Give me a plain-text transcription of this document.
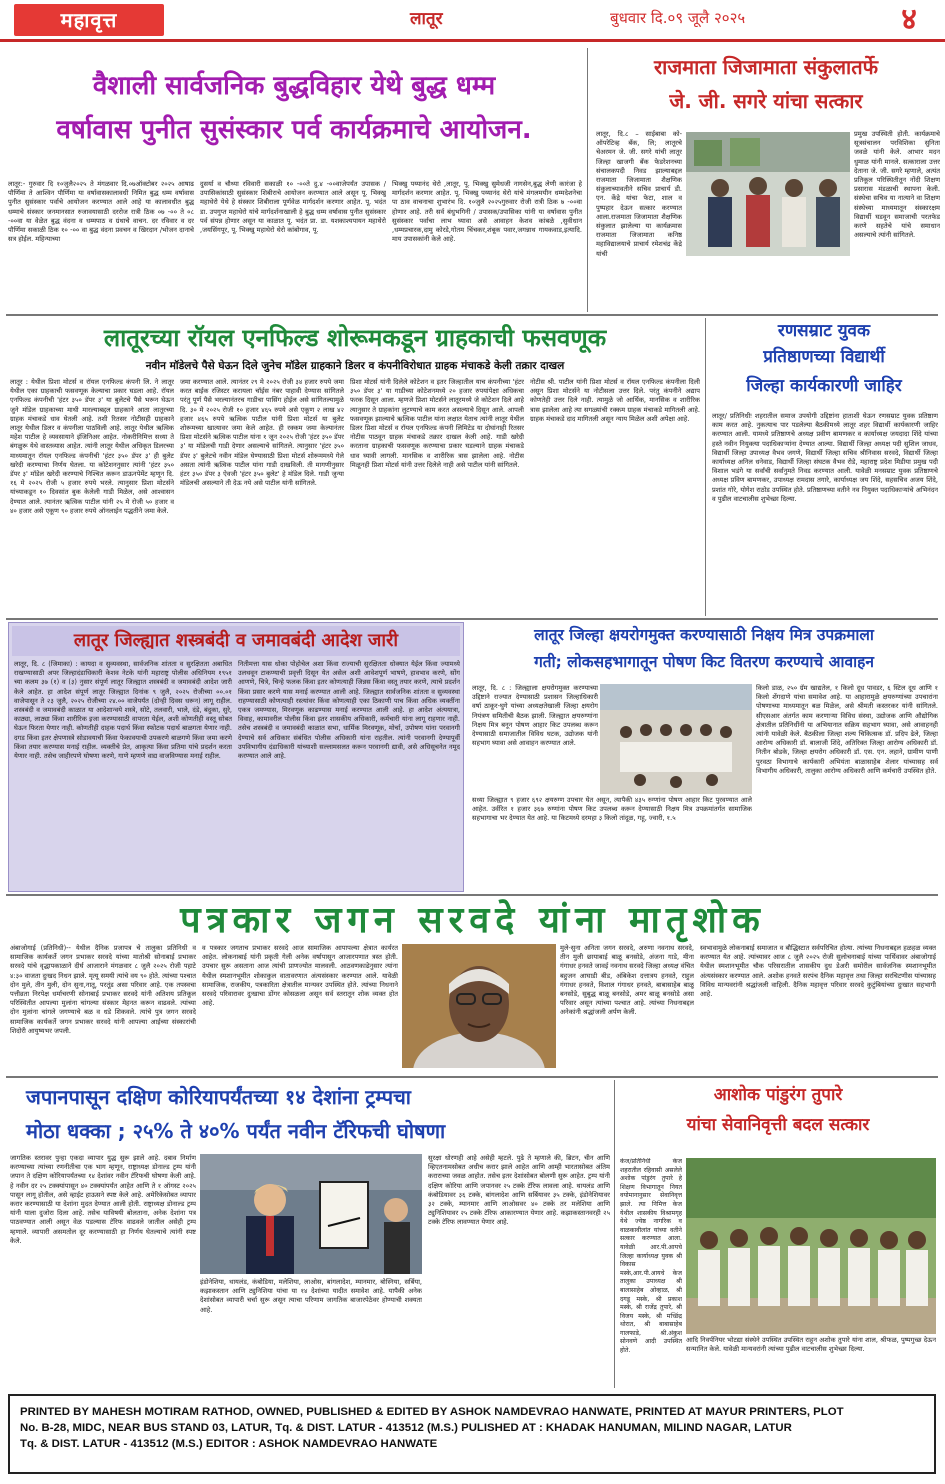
महावृत्त	लातूर	बुधवार दि.०९ जूलै २०२५	४
वैशाली सार्वजनिक बुद्धविहार येथे बुद्ध धम्म
वर्षावास पुनीत सुसंस्कार पर्व कार्यक्रमाचे आयोजन.
लातूर:- गुरुवार दि १०जुलै२०२५ ते मंगळवार दि.०७ऑक्टोबर २०२५ आषाढ पौर्णिमा ते आश्विन पौर्णिमा या वर्षावासकालावधी निमित बुद्ध धम्म वर्षावास पुनीत सुसंस्कार पर्वाचे आयोजन करण्यात आले आहे या कालावधीत बुद्ध धम्माचे संस्कार जनमानसात रुजावयासाठी दररोज रात्री ठिक ०७ -०० ते ०८ -००वा या वेळेत बुद्ध वंदना व धम्मपाठ व ग्रंथाचे वाचन. दर रविवार व दर पौर्णिमा सकाळी ठिक १० -०० वा बुद्ध वंदना प्रवचन व खिरदान /भोजन दानाचे सत्र होईल. महिन्याच्या
दुसर्या व चौथ्या रविवारी सकाळी १० -००ते दु.४ -००वाजेपर्यंत उपासक /उपासिकांसाठी सुसंस्कार शिबीराचे आयोजन करण्यात आले असून पू. भिक्खु महाथेरो येथे हे संस्कार शिबीराला पूर्णवेळ मार्गदर्शन करणार आहेत. पू. भदंत डा. उपगुप्त महाथेरो यांचे मार्गदर्शनाखाली हे बुद्ध धम्म वर्षावास पुनीत सुसंस्कार पर्व संपन्न होणार असून या काळात पू. भदंत प्रा. डा. यशकाश्यपायन महाथेरो ,जयसिंगपूर, पू. भिक्खु महाथेरो थेरो कांबोगाव, पू.
भिक्खु पय्यानंद थेरो ,लातूर, पू. भिक्खु सुमेधजी नागसेन,बुद्ध लेणी कारंजा हे मार्गदर्शन करणार आहेत. पू. भिक्खु पय्यानंद थेरो यांचे मंगलमयीन धम्मदेशनेचा पा ठाव वाचनाचा शुभारंभ दि. १०जुलै २०२५गुरुवार रोजी रात्री ठिक ७ -००वा होणार आहे. तरी सर्व बंधुभगिनी / उपासक/उपासिका यांनी या वर्षावास पुनीत सुसंस्कार पर्वाचा लाभ घ्यावा असे आवाहन केशव कांबळे ,सुवीधान ,धम्मप्रचारक,दामु कोरडे,गोतम चिंचकर,शंबूक पवार,जगन्नाथ गायकवाड,इत्यादि. माय उपासकांनी केले आहे.
राजमाता जिजामाता संकुलातर्फे
जे. जी. सगरे यांचा सत्कार
लातूर, दि.८ – साईबाबा को-ऑपरेटिव्ह बँक, लि; लातूरचे चेअरमन जे. जी. सगरे यांची लातूर जिल्हा खाजगी बँक फेडरेशनच्या संचालकपदी निवड झाल्याबद्दल राजमाता जिजामाता शैक्षणिक संकुलाच्यावतीने सचिव प्राचार्य डी. एन. केंद्रे यांचा फेटा, शाल व पुष्पहार देऊन सत्कार करण्यात आला.राजमाता जिजामाता शैक्षणिक संकुलात झालेल्या या कार्यक्रमास राजमाता जिजामाता कनिष्ठ महाविद्यालयाचे प्राचार्य रमेशचंद्र केंद्रे यांची
प्रमुख उपस्थिती होती. कार्यक्रमाचे सूत्रसंचालन परविशिका सुनिता जवळे यांनी केले. आभार मदन धुमाळ यांनी मानले. सत्काराला उत्तर देताना जे. जी. सगरे म्हणाले, अत्यंत प्रतिकूल परिस्थितीतून नोंदी शिक्षण प्रसारास मंडळाची स्थापना केली. संस्थेचा सचिव या नात्याने वा शिक्षण संस्थेच्या माध्यमातून संस्कारक्षम विद्यार्थी घडवून समाजाची परतफेड करणे सहतेचे यांचे समाधान असल्याचे त्यांनी सांगितले.
लातूरच्या रॉयल एनफिल्ड शोरूमकडून ग्राहकाची फसवणूक
नवीन मॉडेलचे पैसे घेऊन दिले जुनेच मॉडेल ग्राहकाने डिलर व कंपनीविरोधात ग्राहक मंचाकडे केली तक्रार दाखल
लातूर : येथील प्रिशा मोटर्स व रॉयल एनफिल्ड कंपनी लि. ने लातूर येथील एका ग्राहकाची फसवणूक केल्याचा प्रकार घडला आहे. रॉयल एनफिल्ड कंपनीची 'हंटर ३५० डॅपर ३' या बुलेटचे पैसे भरून घेऊन जुने मॉडेल ग्राहकाच्या माथी मारल्याबद्दल ग्राहकाने आता लातूरच्या ग्राहक मंचाकडे धाव घेतली आहे. तशी रितसर नोटीसही ग्राहकाने लातूर येथील डिलर व कंपनीला पाठविली आहे. लातूर येथील ऋत्विक महेश पाटील हे व्यवसायाने इंजिनिअर आहेत. नोकरीनिमित्त सध्या ते बंगळुरू येथे वास्तव्यास आहेत. त्यांनी लातूर येथील अधिकृत डिलरच्या माध्यमातून रॉयल एनफिल्ड कंपनीची 'हंटर ३५० डॅपर ३' ही बुलेट खरेदी करण्याचा निर्णय घेतला. या कोटेशननुसार त्यांनी 'हंटर ३५० डॅपर ३' मॉडेल खरेदी करण्याचे निश्चित करून डाऊनपेमेंट म्हणून दि. १६ मे २०२५ रोजी ५ हजार रुपये भरले. त्यानुसार प्रिशा मोटर्सने यांच्याकडून १० दिवसांत बुक केलेली गाडी मिळेल, असे आश्वासन देण्यात आले. त्यानंतर ऋत्विक पाटील यांनी २५ मे रोजी ५० हजार व ४० हजार असे एकूण ९० हजार रुपये ऑनलाईन पद्धतीने जमा केले.
जमा करण्यात आले. त्यानंतर २९ मे २०२५ रोजी ३४ हजार रुपये जमा करत बाईक रजिस्टर करायला चॉईस नंबर पाहावी देण्यास सांगितले परंतु पूर्ण पैसे भरल्यानंतरच गाडीचा पासिंग होईल असे सांगितल्यामुळे दि. ३० मे २०२५ रोजी १० हजार ४६५ रुपये असे एकूण २ लाख ४२ हजार ४६५ रुपये ऋत्विक पाटील यांनी प्रिशा मोटर्स या बुलेट शोरूमच्या खात्यावर जमा केले आहेत. ही रक्कम जमा केल्यानंतर प्रिशा मोटर्सने ऋत्विक पाटील यांना १ जून २०२५ रोजी 'हंटर ३५० डॅपर ३' या मॉडेलची गाडी देणार असल्याचे सांगितले. त्यानुसार 'हंटर ३५० डॅपर ३' बुलेटचे नवीन मॉडेल घेण्यासाठी प्रिशा मोटर्स शोरूममध्ये गेले असता त्यांनी ऋत्विक पाटील यांना गाडी दाखविली. ती मागणीनुसार हंटर ३५० डॅपर ३ ऐवजी 'हंटर ३५० बुलेट' हे मॉडेल दिले. गाडी जुन्या मॉडेलची असल्याने ती देऊ नये असे पाटील यांनी सांगितले.
प्रिशा मोटर्स यांनी दिलेले कोटेशन व इतर जिल्हातील याच कंपनीच्या 'हंटर ३५० डॅपर ३' या गाडीच्या कोटेशनमध्ये २० हजार रुपयांपेक्षा अधिकचा फरक दिसून आला. म्हणजे प्रिशा मोटर्सने लातूरमध्ये जे कोटेशन दिले आहे त्यानुसार ते ग्राहकांना लुटण्याचे काम करत असल्याचे दिसून आले. आपली फसवणूक झाल्याचे ऋत्विक पाटील यांना लक्षात येताच त्यांनी लातूर येथील डिलर प्रिशा मोटर्स व रॉयल एनफिल्ड कंपनी लिमिटेड या दोघांनाही रितसर नोटीस पाठवून ग्राहक मंचाकडे तक्रार दाखल केली आहे. गाडी खरेदी करताना ग्राहकाची फसवणूक करण्याचा प्रकार घडल्याने ग्राहक मंचाकडे धाव घ्यावी लागली. मानसिक व शारीरिक त्रास झालेला आहे. नोटीस मिळूनही प्रिशा मोटर्स यांनी उत्तर दिलेले नाही असे पाटील यांनी सांगितले.
नोटीस श्री. पाटील यांनी प्रिशा मोटर्स व रॉयल एनफिल्ड कंपनीला दिली असून प्रिशा मोटर्सने या नोटीसला उत्तर दिले. परंतु कंपनीने अद्याप कोणतेही उत्तर दिले नाही. त्यामुळे जो आर्थिक, मानसिक व शारीरिक त्रास झालेला आहे त्या सगळ्यांची रक्कम ग्राहक मंचाकडे मागितली आहे. ग्राहक मंचाकडे दाद मागितली असून न्याय मिळेल अशी अपेक्षा आहे.
रणसम्राट युवक
प्रतिष्ठाणच्या विद्यार्थी
जिल्हा कार्यकारणी जाहिर
लातूर/ प्रतिनिधीः शहरातील समाज उपयोगी उद्दिष्टांना हाताशी घेऊन रणसम्राट युवक प्रतिष्ठाण काम करत आहे. नुकत्याच पार पडलेल्या बैठकीमध्ये लातूर शहर विद्यार्थी कार्यकारणी जाहिर करण्यात आली. यामध्ये प्रतिष्ठाणचे अध्यक्ष प्रवीण बामणकर व कार्याध्यक्ष जयदादा शिंदे यांच्या हस्ते नवीन नियुक्त्या पदाधिकाऱ्यांना देण्यात आल्या. विद्यार्थी जिल्हा अध्यक्ष पदी सुशिल जाधव, विद्यार्थी जिल्हा उपाध्यक्ष वैभव जगणे, विद्यार्थी जिल्हा सचिव श्रीनिवास सरवदे, विद्यार्थी जिल्हा कार्याध्यक्ष अनिल धनेवाड, विद्यार्थी जिल्हा संघटक वैभव रोडे, महाराष्ट्र प्रदेश मिडीया प्रमुख पदी विशाल भडंगे या सर्वांची सर्वानुमते निवड करण्यात आली. यावेळी मनसम्राट युवक प्रतिष्ठाणचे अध्यक्ष प्रविण बामणकर, उपाध्यक्ष रामदास तगारे, कार्याध्यक्ष जय शिंदे, सहसचिव अजय शिंदे, प्रशांत गोरे, योगेश राठोड उपस्थित होते. प्रतिष्ठाणच्या वतीने नव नियुक्त पदाधिकाऱ्यांचे अभिनंदन व पुढील वाटचालीस शुभेच्छा दिल्या.
लातूर जिल्ह्यात शस्त्रबंदी व जमावबंदी आदेश जारी
लातूर, दि. ८ (जिमाका) : कायदा व सुव्यवस्था, सार्वजनिक शांतता व सुरक्षितता अबाधित राखण्यासाठी अपर जिल्हादंडाधिकारी केशव नेटके यांनी महाराष्ट्र पोलीस अधिनियम १९५१ च्या कलम ३७ (१) व (३) नुसार संपूर्ण लातूर जिल्ह्यात शस्त्रबंदी व जमावबंदी आदेश जारी केले आहेत. हा आदेश संपूर्ण लातूर जिल्ह्यात दिनांक ९ जुलै, २०२५ रोजीच्या ००.०१ वाजेपासून ते २३ जुलै, २०२५ रोजीच्या २४.०० वाजेपर्यंत (दोन्ही दिवस धरून) लागू राहील. शस्त्रबंदी व जमावबंदी काळात या आदेशान्वये शस्त्रे, सोटे, तलवारी, भाले, दंडे, बंदुका, सुरे, काठ्या, लाठ्या किंवा शारीरिक इजा करण्यासाठी वापरता येईल, अशी कोणतीही वस्तू सोबत घेऊन फिरता येणार नाही. कोणतीही दाहक पदार्थ किंवा स्फोटक पदार्थ बाळगता येणार नाही. दगड किंवा इतर क्षेपणास्त्रे सोडावयाची किंवा फेकावयाची उपकरणे बाळगणे किंवा जमा करणे किंवा तयार करण्यास मनाई राहील. व्यक्तीचे प्रेत, आकृत्या किंवा प्रतिमा यांचे प्रदर्शन करता येणार नाही. तसेच जाहीरपणे घोषणा करणे, गाणे म्हणणे वाद्य वाजविण्यास मनाई राहील.
नितीमत्ता यास धोका पोहोचेल अशा किंवा राज्याची सुरक्षितता धोक्यात येईल किंवा ज्यामध्ये उलथवून टाकण्याची प्रवृत्ती दिसून येत असेल अशी आवेशपूर्ण भाषणे, हावभाव करणे, सोंग आणणे, चित्रे, चिन्हे फलक किंवा इतर कोणत्याही जिन्नस किंवा वस्तू तयार करणे, त्याचे प्रदर्शन किंवा प्रसार करणे यास मनाई करण्यात आली आहे. जिल्ह्यात सार्वजनिक शांतता व सुव्यवस्था राहण्यासाठी कोणत्याही रस्त्यांवर किंवा कोणत्याही एका ठिकाणी पाच किंवा अधिक व्यक्तींना एकत्र जमण्यास, मिरवणूक काढण्यास मनाई करण्यात आली आहे. हा आदेश अंत्ययात्रा, विवाह, कामावरील पोलीस किंवा इतर शासकीय अधिकारी, कर्मचारी यांना लागू राहणार नाही. तसेच शस्त्रबंदी व जमावबंदी काळात सभा, धार्मिक मिरवणूक, मोर्चा, उपोषण यांना परवानगी देण्याचे सर्व अधिकार संबंधित पोलीस अधिकारी यांना राहतील. त्यांनी परवानगी देण्यापूर्वी उपविभागीय दंडाधिकारी यांच्याशी सल्लामसलत करून परवानगी द्यावी, असे अधिसूचनेत नमूद करण्यात आले आहे.
लातूर जिल्हा क्षयरोगमुक्त करण्यासाठी निक्षय मित्र उपक्रमाला
गती; लोकसहभागातून पोषण किट वितरण करण्याचे आवाहन
लातूर, दि. ८ : जिल्ह्याला क्षयरोगमुक्त करण्याच्या उद्दिष्टाने राज्यात देण्यासाठी प्रशासन जिल्हाधिकारी वर्षा ठाकूर-घुगे यांच्या अध्यक्षतेखाली जिल्हा क्षयरोग नियंत्रण समितीची बैठक झाली. जिल्ह्यात क्षयरुग्णांना निक्षय मित्र बनून पोषण आहार किट उपलब्ध करून देण्यासाठी समाजातील विविध घटक, उद्योजक यांनी सहभाग घ्यावा असे आवाहन करण्यात आले.
सध्या जिल्ह्यात ९ हजार ६९२ क्षयरुग्ण उपचार घेत असून, त्यापैकी ४३५ रुग्णांना पोषण आहार किट पुरवण्यात आले आहेत. उर्वरित १ हजार ३६७ रुग्णांना पोषण किट उपलब्ध करून देण्यासाठी निक्षय मित्र उपक्रमांतर्गत सामाजिक सहभागाचा भर देण्यात येत आहे. या किटमध्ये दरमहा ३ किलो तांदूळ, गहू, ज्वारी, १.५
किलो डाळ, २५० ग्रॅम खाद्यतेल, १ किलो दूध पावडर, ६ स्टिल दूध आणि १ किलो शेंगदाणे यांचा समावेश आहे. या आहारामुळे क्षयरुग्णांच्या उपचारांना पोषणाच्या माध्यमातून बळ मिळेल, असे श्रीमती कस्तरकर यांनी सांगितले. सीएसआर अंतर्गत काम करणाऱ्या विविध संस्था, उद्योजक आणि औद्योगिक क्षेत्रातील प्रतिनिधींनी या अभियानात सक्रिय सहभाग घ्यावा, असे आवाहनही त्यांनी यावेळी केले. बैठकीला जिल्हा शल्य चिकित्सक डॉ. प्रदिप ढेले, जिल्हा आरोग्य अधिकारी डॉ. बालाजी शिंदे, अतिरिक्त जिल्हा आरोग्य अधिकारी डॉ. नितीन बोडके, जिल्हा क्षयरोग अधिकारी डॉ. एस. एन. लहाने, ग्रामीण पाणी पुरवठा विभागाचे कार्यकारी अभियंता बाळासाहेब शेलार यांच्यासह सर्व विभागीय अधिकारी, तालुका आरोग्य अधिकारी आणि कर्मचारी उपस्थित होते.
पत्रकार जगन सरवदे यांना मातृशोक
अंबाजोगाई (प्रतिनिधी)-- येथील दैनिक प्रजापत्र चे तालुका प्रतिनिधी व सामाजिक कार्यकर्ते जगन प्रभाकर सरवदे यांच्या मातोश्री सोनाबाई प्रभाकर सरवदे यांचे वृद्धापकाळाने दीर्घ आजाराने मंगळवार ८ जुलै २०२५ रोजी पहाटे ४:३० वाजता दुःखद निधन झाले. मृत्यू समयी त्यांचे वय ९० होते. त्यांच्या पश्चात दोन मुले, तीन मुली, दोन सुना,नातू, परतूंड असा परिवार आहे. एक तपस्वचा पत्तीव्रता निरपेक्ष धर्माचरणी सोनाबाई प्रभाकर सरवदे यांनी अतिशय प्रतिकूल परिस्थितीत आपल्या मुलांना चांगल्या संस्कार मेहनत करून वाढवले. त्यांच्या दोन मुलांना चांगले जगण्याचे बळ व धडे शिकवले. त्यांचे पुत्र जगन सरवदे सामाजिक कार्यकर्ते जगन प्रभाकर सरवदे यांनी आपल्या आईच्या संस्कारांची शिदोरी आयुष्यभर जपली.
व पत्रकार जगताच प्रभाकर सरवदे आज सामाजिक आपापल्या क्षेत्रात कार्यरत आहेत. लोकनाबाई यांनी प्रकृती गेली अनेक वर्षापासून आजारपणात त्रस्त होती. उपचार सुरू असताना आज त्यांची प्राणज्योत मालवली. आठवणकाढेनुसार त्यांना येथील स्मशानभूमीत शोकाकुल वातावरणात अंत्यसंस्कार करण्यात आले. यावेळी सामाजिक, राजकीय, पत्रकारिता क्षेत्रातील मान्यवर उपस्थित होते. त्यांच्या निधनाने सरवदे परिवारावर दुःखाचा डोंगर कोसळला असून सर्व स्तरातून शोक व्यक्त होत आहे.
मुले-सुना अनिता जगन सरवदे, अरुणा नवनाथ सरवदे, तीन मुली छायाबाई बाळू बनसोडे, अंजना गाडे, मीना गंगाधर हनवते जावई नवनाथ सरवदे जिल्हा अध्यक्ष वंचित बहुजन आघाडी बीड, अंबिकेश दत्तात्रय हनवते, राहुल गंगाधर हनवते, विशाल गंगाधर हनवते, बाबासाहेब बाळू बनसोडे, सुबुद्ध बाळू बनसोडे, अमर बाळू बनसोडे असा परिवार असून त्यांच्या पश्चात आहे. त्यांच्या निधनाबद्दल अनेकांनी श्रद्धांजली अर्पण केली.
स्वभावामुळे लोकनाबाई समाजात व बौद्धिस्टात सर्वपरिचित होत्या. त्यांच्या निधनाबद्दल हळहळ व्यक्त करण्यात येत आहे. त्यांच्यावर आज ८ जुलै २०२५ रोजी सुलोचनाबाई यांच्या पार्थिवावर अंबाजोगाई येथील स्मशानभूमीत चौक परिसरातील शासकीय दुध डेअरी समोरील सार्वजनिक स्मशानभूमीत अंत्यसंस्कार करण्यात आले. अशोक हनवते सरपंच दैनिक महावृत्त तथा जिल्हा सरचिटणीस यांच्यासह विविध मान्यवरांनी श्रद्धांजली वाहिली. दैनिक महावृत्त परिवार सरवदे कुटुंबियांच्या दुःखात सहभागी आहे.
जपानपासून दक्षिण कोरियापर्यंतच्या १४ देशांना ट्रम्पचा
मोठा धक्का ; २५% ते ४०% पर्यंत नवीन टॅरिफची घोषणा
जागतिक स्तरावर पुन्हा एकदा व्यापार युद्ध सुरू झाले आहे. दबाव निर्माण करण्याच्या त्यांच्या रणनीतीचा एक भाग म्हणून, राष्ट्राध्यक्ष डोनाल्ड ट्रम्प यांनी जपान ते दक्षिण कोरियापर्यंतच्या १४ देशांवर नवीन टॅरिफची घोषणा केली आहे. हे नवीन दर २५ टक्क्यांपासून ४० टक्क्यांपर्यंत आहेत आणि ते १ ऑगस्ट २०२५ पासून लागू होतील, असे व्हाईट हाऊसने स्पष्ट केले आहे. अमेरिकेसोबत व्यापार करार करण्यासाठी या देशांना मुदत देण्यात आली होती. राष्ट्राध्यक्ष डोनाल्ड ट्रम्प यांनी याला दुजोरा दिला आहे. तसेच याविषयी बोलताना, अनेक देशांना पत्र पाठवण्यात आली असून वेळ पडल्यास टॅरिफ वाढवले जातील असेही ट्रम्प म्हणाले. व्यापारी असमतोल दूर करण्यासाठी हा निर्णय घेतल्याचे त्यांनी स्पष्ट केले.
इंडोनेशिया, थायलंड, कंबोडिया, मलेशिया, लाओस, बांगलादेश, म्यानमार, बोस्निया, सर्बिया, कझाकस्तान आणि ट्युनिशिया यांचा या १४ देशांच्या यादीत समावेश आहे. यापैकी अनेक देशांसोबत व्यापारी चर्चा सुरू असून त्याचा परिणाम जागतिक बाजारपेठेवर होण्याची शक्यता आहे.
सुरक्षा धोरणही आहे असेही म्हटले. पुढे ते म्हणाले की, ब्रिटन, चीन आणि व्हिएतनामसोबत अधीच करार झाले आहेत आणि आम्ही भारतासोबत अंतिम कराराच्या जवळ आहोत. तसेच इतर देशांसोबत बोलणी सुरू आहेत. ट्रम्प यांनी दक्षिण कोरिया आणि जपानवर २५ टक्के टॅरिफ लावला आहे. थायलंड आणि कंबोडियावर ३६ टक्के, बांगलादेश आणि सर्बियावर ३५ टक्के, इंडोनेशियावर ३२ टक्के, म्यानमार आणि लाओसवर ४० टक्के तर मलेशिया आणि ट्युनिशियावर २५ टक्के टॅरिफ आकारण्यात येणार आहे. कझाकस्तानवरही २५ टक्के टॅरिफ लावण्यात येणार आहे.
आशोक पांडुरंग तुपारे
यांचा सेवानिवृत्ती बदल सत्कार
केज/प्रतिनिधी केज शहरातील रहिवासी असलेले अशोक पांडुरंग तुपारे हे शिक्षण विभागातून नियत वयोमानानुसार सेवानिवृत्त झाले. त्या निमित्त केज येथील शासकीय विश्रामगृह येथे ज्येष्ठ नागरिक व वाळकावीलांत यांच्या वतीने सत्कार करण्यात आला. यावेळी आर.पी.आयचे जिल्हा कार्याध्यक्ष युवक श्री विकास मस्के,आर.पी.आयचे केज तालुका उपाध्यक्ष श्री बालासाहेब ओव्हाळ, श्री दगडू मस्के, श्री प्रकाश मस्के, श्री राजेंद्र तुपारे, श्री विजय मस्के, श्री मच्छिंद्र थोरात, श्री बाबासाहेब गालफाडे, श्री.अंकुश सोनवणे आदी उपस्थित होते.
आदि निवर्पनियर भोटद्या संस्थेने उपस्थित उपस्थित राहून अशोक तुपारे यांना शाल, श्रीफळ, पुष्पगुच्छ देऊन सन्मानित केले. यावेळी मान्यवरांनी त्यांच्या पुढील वाटचालीस शुभेच्छा दिल्या.
PRINTED BY MAHESH MOTIRAM RATHOD, OWNED, PUBLISHED & EDITED BY ASHOK NAMDEVRAO HANWATE, PRINTED AT MAYUR PRINTERS, PLOT
No. B-28, MIDC, NEAR BUS STAND 03, LATUR, Tq. & DIST. LATUR - 413512 (M.S.) PULISHED AT : KHADAK HANUMAN, MILIND NAGAR, LATUR
Tq. & DIST. LATUR - 413512 (M.S.) EDITOR : ASHOK NAMDEVRAO HANWATE
